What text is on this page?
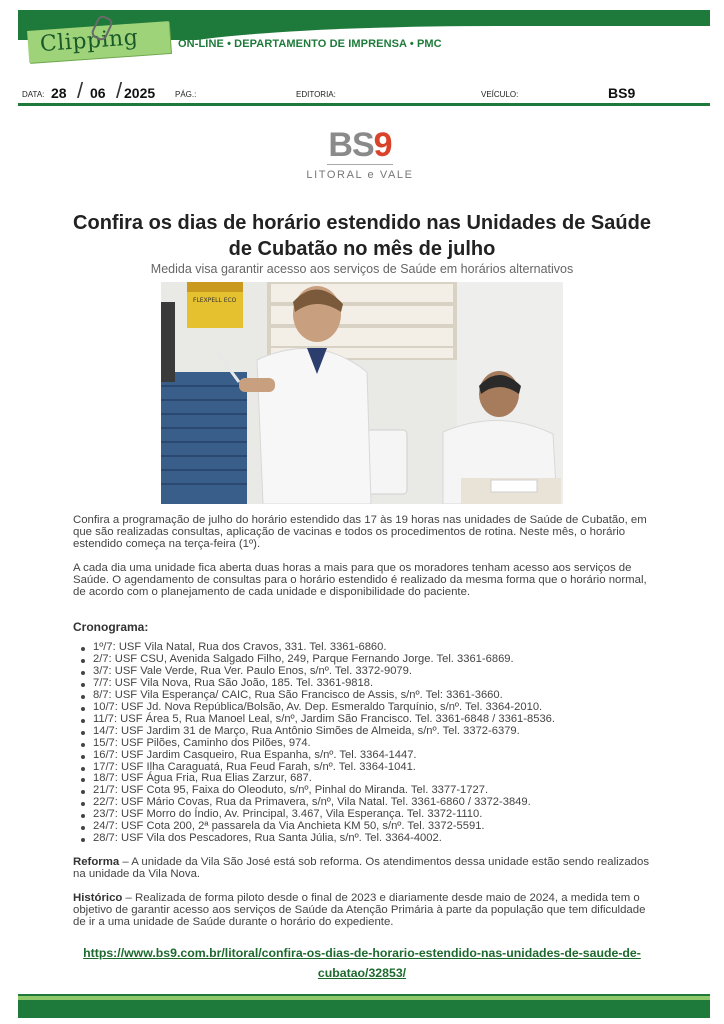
Clipping	ON-LINE • DEPARTAMENTO DE IMPRENSA • PMC
DATA: 28 / 06 / 2025 PÁG.:	EDITORIA:	VEÍCULO:	BS9
BS9
LITORAL e VALE
Confira os dias de horário estendido nas Unidades de Saúde
de Cubatão no mês de julho
Medida visa garantir acesso aos serviços de Saúde em horários alternativos
FLEXPELL ECO
Confira a programação de julho do horário estendido das 17 às 19 horas nas unidades de Saúde de Cubatão, em que são realizadas consultas, aplicação de vacinas e todos os procedimentos de rotina. Neste mês, o horário estendido começa na terça-feira (1º).
A cada dia uma unidade fica aberta duas horas a mais para que os moradores tenham acesso aos serviços de Saúde. O agendamento de consultas para o horário estendido é realizado da mesma forma que o horário normal, de acordo com o planejamento de cada unidade e disponibilidade do paciente.
Cronograma:
1º/7: USF Vila Natal, Rua dos Cravos, 331. Tel. 3361-6860.
2/7: USF CSU, Avenida Salgado Filho, 249, Parque Fernando Jorge. Tel. 3361-6869.
3/7: USF Vale Verde, Rua Ver. Paulo Enos, s/nº. Tel. 3372-9079.
7/7: USF Vila Nova, Rua São João, 185. Tel. 3361-9818.
8/7: USF Vila Esperança/ CAIC, Rua São Francisco de Assis, s/nº. Tel: 3361-3660.
10/7: USF Jd. Nova República/Bolsão, Av. Dep. Esmeraldo Tarquínio, s/nº. Tel. 3364-2010.
11/7: USF Área 5, Rua Manoel Leal, s/nº, Jardim São Francisco. Tel. 3361-6848 / 3361-8536.
14/7: USF Jardim 31 de Março, Rua Antônio Simões de Almeida, s/nº. Tel. 3372-6379.
15/7: USF Pilões, Caminho dos Pilões, 974.
16/7: USF Jardim Casqueiro, Rua Espanha, s/nº. Tel. 3364-1447.
17/7: USF Ilha Caraguatá, Rua Feud Farah, s/nº. Tel. 3364-1041.
18/7: USF Água Fria, Rua Elias Zarzur, 687.
21/7: USF Cota 95, Faixa do Oleoduto, s/nº, Pinhal do Miranda. Tel. 3377-1727.
22/7: USF Mário Covas, Rua da Primavera, s/nº, Vila Natal. Tel. 3361-6860 / 3372-3849.
23/7: USF Morro do Índio, Av. Principal, 3.467, Vila Esperança. Tel. 3372-1110.
24/7: USF Cota 200, 2ª passarela da Via Anchieta KM 50, s/nº. Tel. 3372-5591.
28/7: USF Vila dos Pescadores, Rua Santa Júlia, s/nº. Tel. 3364-4002.
Reforma – A unidade da Vila São José está sob reforma. Os atendimentos dessa unidade estão sendo realizados na unidade da Vila Nova.
Histórico – Realizada de forma piloto desde o final de 2023 e diariamente desde maio de 2024, a medida tem o objetivo de garantir acesso aos serviços de Saúde da Atenção Primária à parte da população que tem dificuldade de ir a uma unidade de Saúde durante o horário do expediente.
https://www.bs9.com.br/litoral/confira-os-dias-de-horario-estendido-nas-unidades-de-saude-de-
cubatao/32853/
